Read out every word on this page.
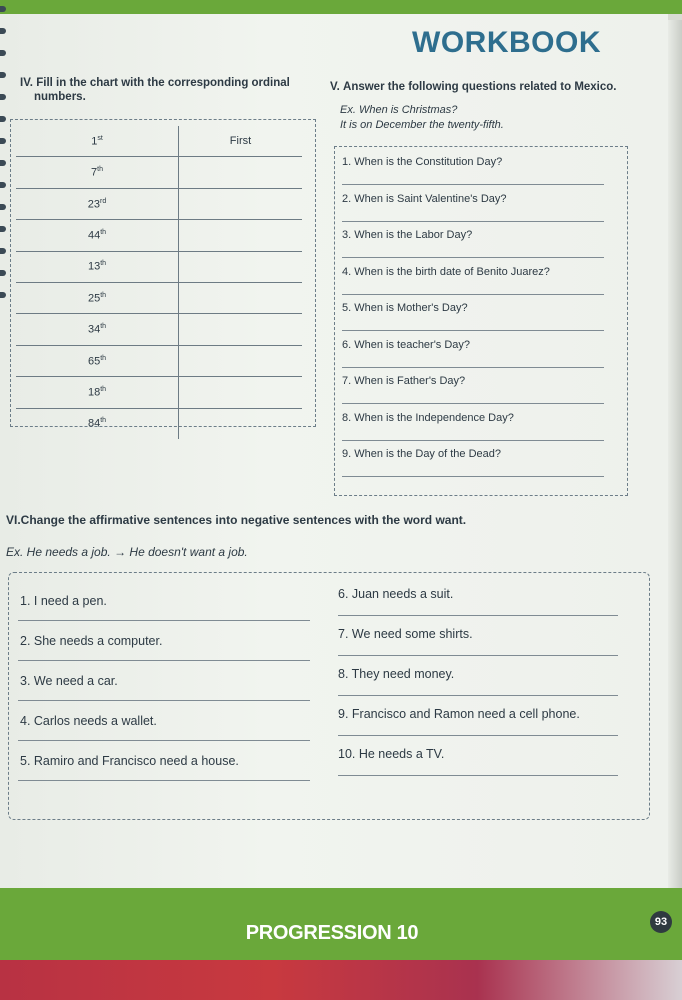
WORKBOOK
IV. Fill in the chart with the corresponding ordinal
numbers.
1st	First
7th	
23rd	
44th	
13th	
25th	
34th	
65th	
18th	
84th	
V. Answer the following questions related to Mexico.
Ex. When is Christmas?
It is on December the twenty-fifth.
1. When is the Constitution Day?
2. When is Saint Valentine's Day?
3. When is the Labor Day?
4. When is the birth date of Benito Juarez?
5. When is Mother's Day?
6. When is teacher's Day?
7. When is Father's Day?
8. When is the Independence Day?
9. When is the Day of the Dead?
VI.Change the affirmative sentences into negative sentences with the word want.
Ex. He needs a job. → He doesn't want a job.
1. I need a pen.
2. She needs a computer.
3. We need a car.
4. Carlos needs a wallet.
5. Ramiro and Francisco need a house.
6. Juan needs a suit.
7. We need some shirts.
8. They need money.
9. Francisco and Ramon need a cell phone.
10. He needs a TV.
PROGRESSION 10	93
